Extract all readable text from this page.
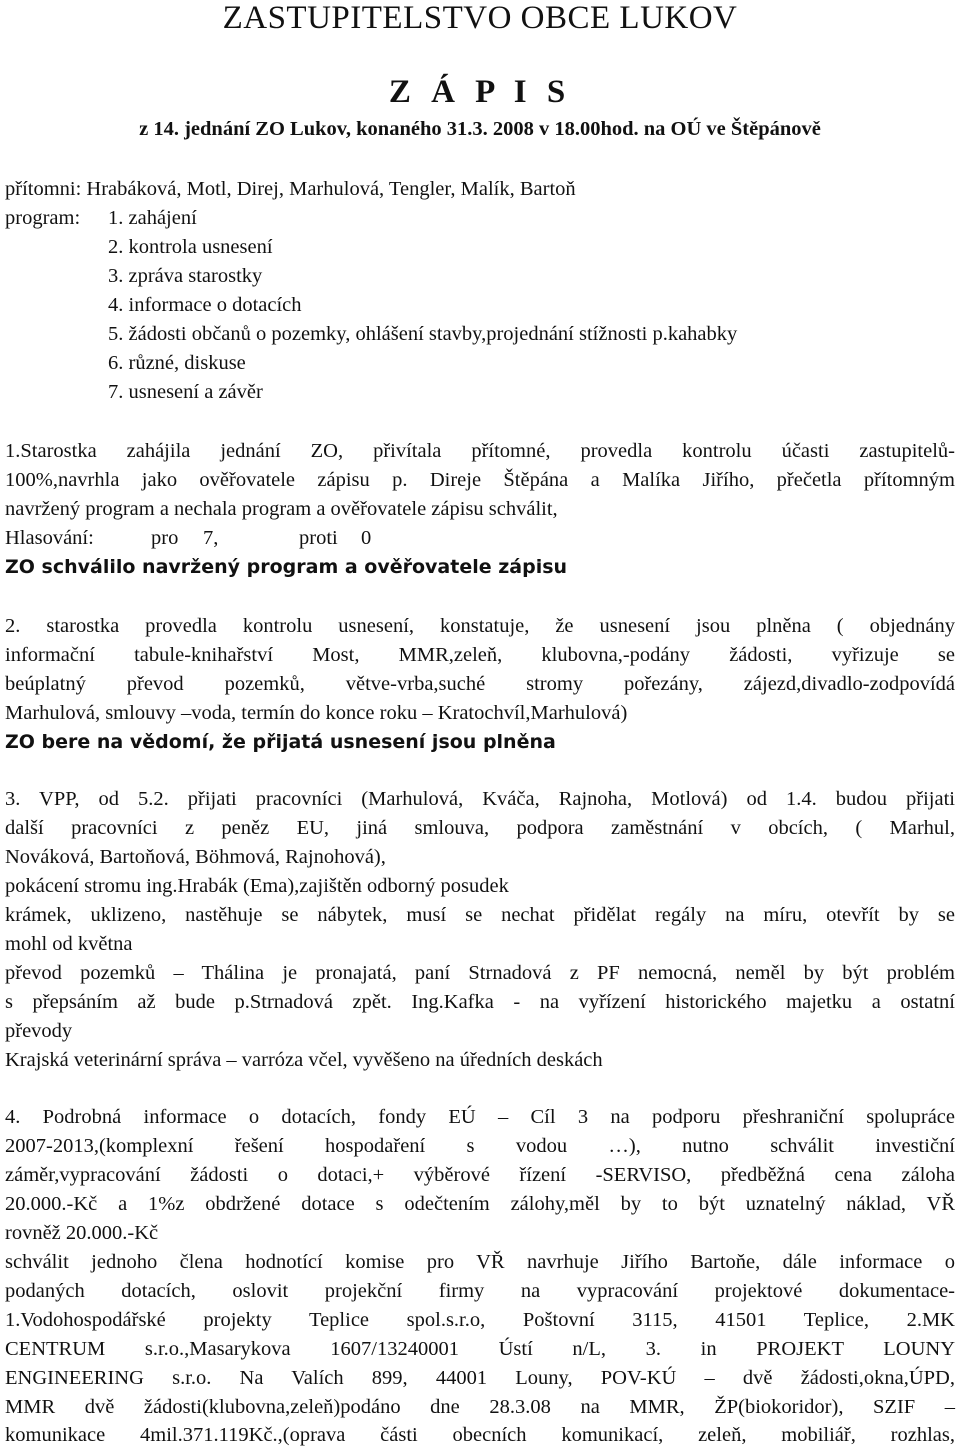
ZASTUPITELSTVO OBCE LUKOV
Z Á P I S
z 14. jednání ZO Lukov, konaného 31.3. 2008 v 18.00hod. na OÚ ve Štěpánově
přítomni: Hrabáková, Motl, Direj, Marhulová, Tengler, Malík, Bartoň
program:	1. zahájení
2. kontrola usnesení
3. zpráva starostky
4. informace o dotacích
5. žádosti občanů o pozemky, ohlášení stavby,projednání stížnosti p.kahabky
6. různé, diskuse
7. usnesení a závěr
1.Starostka zahájila jednání ZO, přivítala přítomné, provedla kontrolu účasti zastupitelů-
100%,navrhla jako ověřovatele zápisu p. Direje Štěpána a Malíka Jiřího, přečetla přítomným
navržený program a nechala program a ověřovatele zápisu schválit,
Hlasování:	pro 7,	proti 0
ZO schválilo navržený program a ověřovatele zápisu
2. starostka provedla kontrolu usnesení, konstatuje, že usnesení jsou plněna ( objednány
informační tabule-knihařství Most, MMR,zeleň, klubovna,-podány žádosti, vyřizuje se
beúplatný převod pozemků, větve-vrba,suché stromy pořezány, zájezd,divadlo-zodpovídá
Marhulová, smlouvy –voda, termín do konce roku – Kratochvíl,Marhulová)
ZO bere na vědomí, že přijatá usnesení jsou plněna
3. VPP, od 5.2. přijati pracovníci (Marhulová, Kváča, Rajnoha, Motlová) od 1.4. budou přijati
další pracovníci z peněz EU, jiná smlouva, podpora zaměstnání v obcích, ( Marhul,
Nováková, Bartoňová, Böhmová, Rajnohová),
pokácení stromu ing.Hrabák (Ema),zajištěn odborný posudek
krámek, uklizeno, nastěhuje se nábytek, musí se nechat přidělat regály na míru, otevřít by se
mohl od května
převod pozemků – Thálina je pronajatá, paní Strnadová z PF nemocná, neměl by být problém
s přepsáním až bude p.Strnadová zpět. Ing.Kafka - na vyřízení historického majetku a ostatní
převody
Krajská veterinární správa – varróza včel, vyvěšeno na úředních deskách
4. Podrobná informace o dotacích, fondy EÚ – Cíl 3 na podporu přeshraniční spolupráce
2007-2013,(komplexní řešení hospodaření s vodou …), nutno schválit investiční
záměr,vypracování žádosti o dotaci,+ výběrové řízení -SERVISO, předběžná cena záloha
20.000.-Kč a 1%z obdržené dotace s odečtením zálohy,měl by to být uznatelný náklad, VŘ
rovněž 20.000.-Kč
schválit jednoho člena hodnotící komise pro VŘ navrhuje Jiřího Bartoňe, dále informace o
podaných dotacích, oslovit projekční firmy na vypracování projektové dokumentace-
1.Vodohospodářské projekty Teplice spol.s.r.o, Poštovní 3115, 41501 Teplice, 2.MK
CENTRUM s.r.o.,Masarykova 1607/13240001 Ústí n/L, 3. in PROJEKT LOUNY
ENGINEERING s.r.o. Na Valích 899, 44001 Louny, POV-KÚ – dvě žádosti,okna,ÚPD,
MMR dvě žádosti(klubovna,zeleň)podáno dne 28.3.08 na MMR, ŽP(biokoridor), SZIF –
komunikace 4mil.371.119Kč.,(oprava části obecních komunikací, zeleň, mobiliář, rozhlas,
